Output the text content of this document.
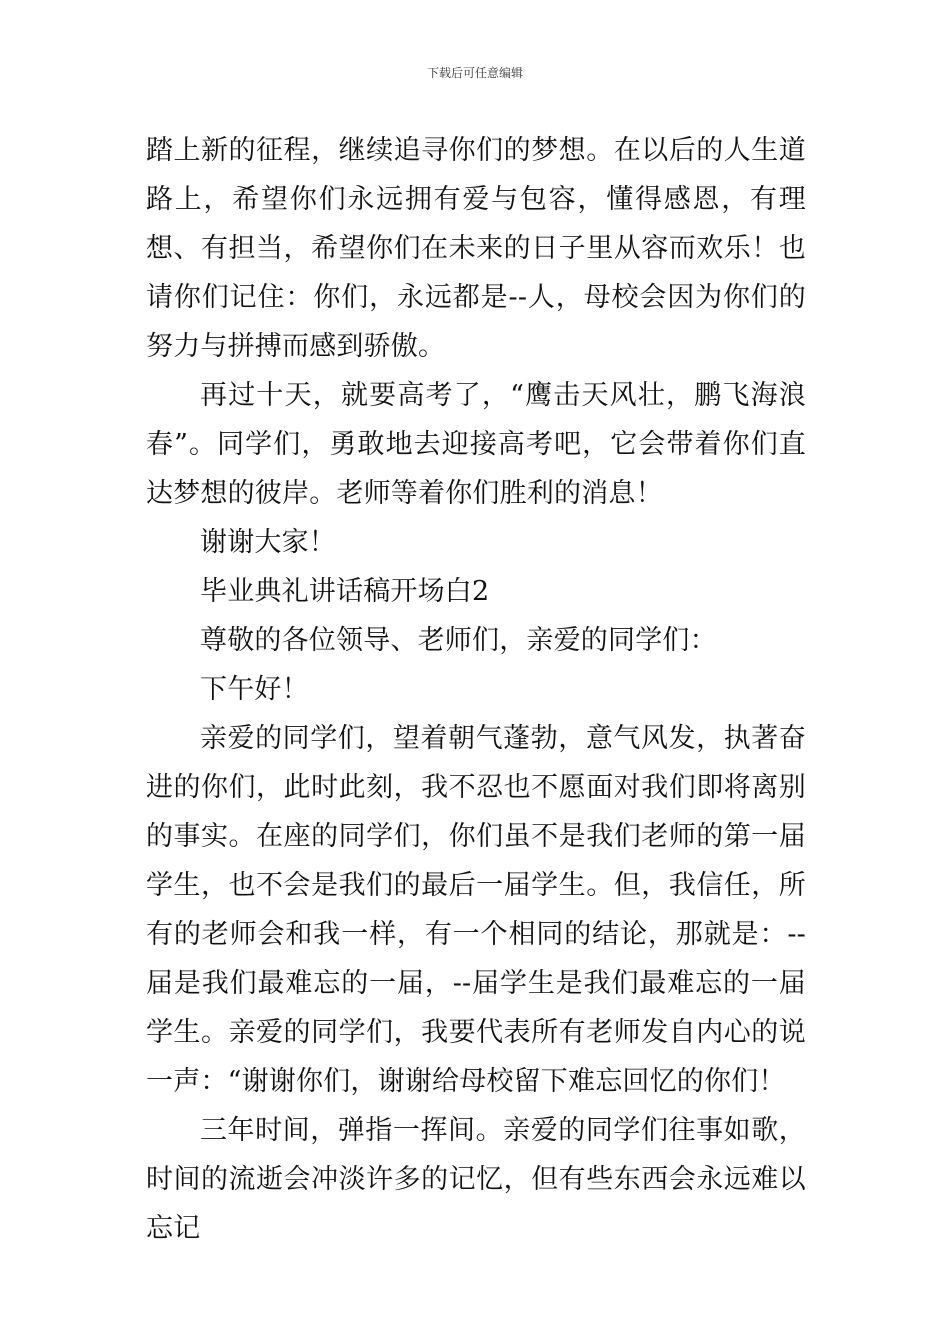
下载后可任意编辑

踏上新的征程，继续追寻你们的梦想。在以后的人生道路上，希望你们永远拥有爱与包容，懂得感恩，有理想、有担当，希望你们在未来的日子里从容而欢乐！也请你们记住：你们，永远都是--人，母校会因为你们的努力与拼搏而感到骄傲。

再过十天，就要高考了，“鹰击天风壮，鹏飞海浪春”。同学们，勇敢地去迎接高考吧，它会带着你们直达梦想的彼岸。老师等着你们胜利的消息！

谢谢大家！

毕业典礼讲话稿开场白2

尊敬的各位领导、老师们，亲爱的同学们：

下午好！

亲爱的同学们，望着朝气蓬勃，意气风发，执著奋进的你们，此时此刻，我不忍也不愿面对我们即将离别的事实。在座的同学们，你们虽不是我们老师的第一届学生，也不会是我们的最后一届学生。但，我信任，所有的老师会和我一样，有一个相同的结论，那就是：--届是我们最难忘的一届，--届学生是我们最难忘的一届学生。亲爱的同学们，我要代表所有老师发自内心的说一声：“谢谢你们，谢谢给母校留下难忘回忆的你们！

三年时间，弹指一挥间。亲爱的同学们往事如歌，时间的流逝会冲淡许多的记忆，但有些东西会永远难以忘记
